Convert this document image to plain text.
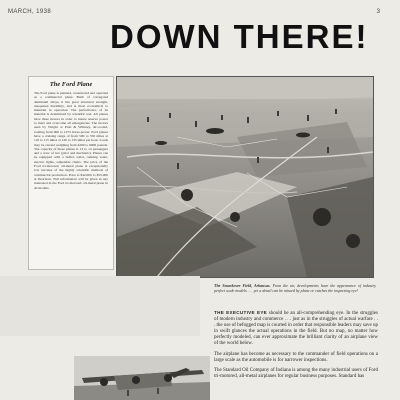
MARCH, 1938	3
DOWN THERE!
The Ford Plane

The Ford plane is planned, constructed and operated as a commercial plane. Built of corrugated aluminum alloys, it has great structural strength, unequaled durability, and is most economical to maintain in operation. The performance of its material is determined by scientific test. All planes have three motors in order to insure reserve power to meet and overcome all emergencies. The motors used by Wright or Pratt & Whitney, air-cooled, totaling from 900 to 1275 horse-power. Ford planes have a cruising range of from 500 to 550 miles at 110 to 115 miles at 120 to 135 miles per hour. Loads may be carried weighing from 4200 to 6000 pounds. The capacity of these planes is 13 to 14 passengers and a crew of two (pilot and mechanic). Planes can be equipped with a buffet, toilet, running water, electric lights, adjustable chairs. The price of the Ford tri-motored, all-metal plane is exceptionally low because of the highly scientific methods of commercial production. Price is $42,000 to $55,000 at Dearborn. Full information will be given in any interested in the Ford tri-motored, all-metal plane in all models.

The Smackover Field, Arkansas. From the air, developments have the appearance of industry perfect scale models . . . yet a detail can be missed by plane or catches the inspecting eye!

THE EXECUTIVE EYE should be an all-comprehending eye. In the struggles of modern industry and commerce . . . just as in the struggles of actual warfare . . . the use of befogged map is courted in order that responsible leaders may save up in swift glances the actual operations in the field. But no map, no matter how perfectly modeled, can ever approximate the brilliant clarity of an airplane view of the world below.

The airplane has become as necessary to the commander of field operations on a large scale as the automobile is for narrower inspections.

The Standard Oil Company of Indiana is among the many industrial users of Ford tri-motored, all-metal airplanes for regular business purposes. Standard has
